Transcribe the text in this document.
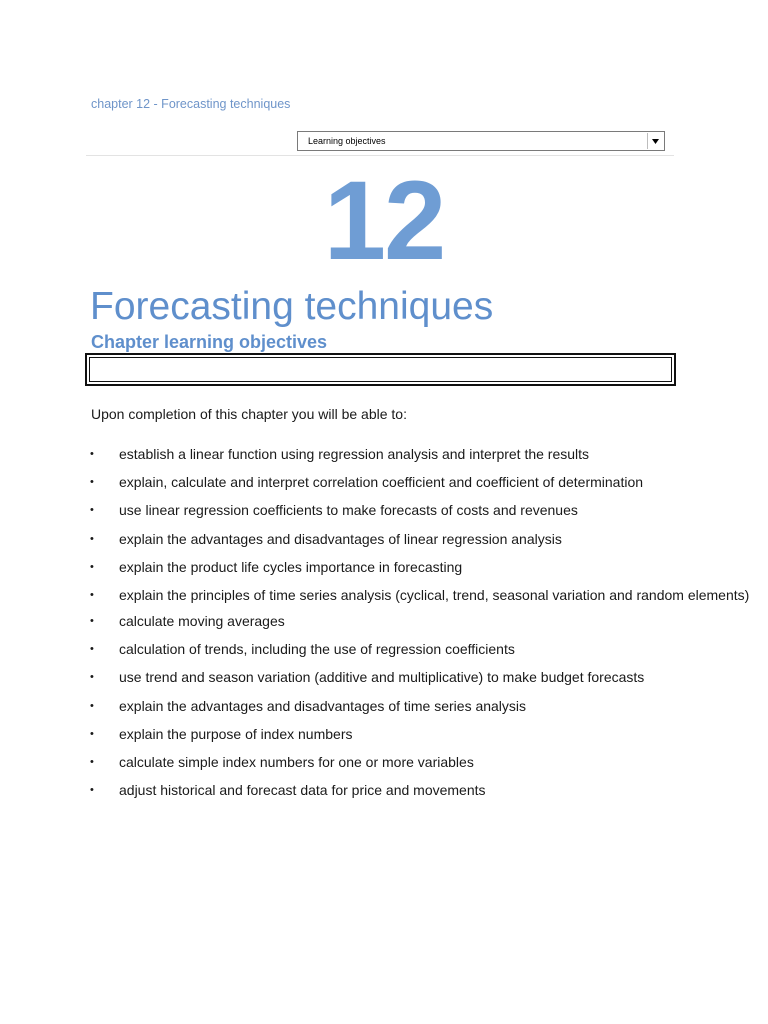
chapter 12 - Forecasting techniques
Learning objectives
12
Forecasting techniques
Chapter learning objectives
Upon completion of this chapter you will be able to:
• establish a linear function using regression analysis and interpret the results
• explain, calculate and interpret correlation coefficient and coefficient of determination
• use linear regression coefficients to make forecasts of costs and revenues
• explain the advantages and disadvantages of linear regression analysis
• explain the product life cycles importance in forecasting
• explain the principles of time series analysis (cyclical, trend, seasonal variation and random elements)
• calculate moving averages
• calculation of trends, including the use of regression coefficients
• use trend and season variation (additive and multiplicative) to make budget forecasts
• explain the advantages and disadvantages of time series analysis
• explain the purpose of index numbers
• calculate simple index numbers for one or more variables
• adjust historical and forecast data for price and movements
